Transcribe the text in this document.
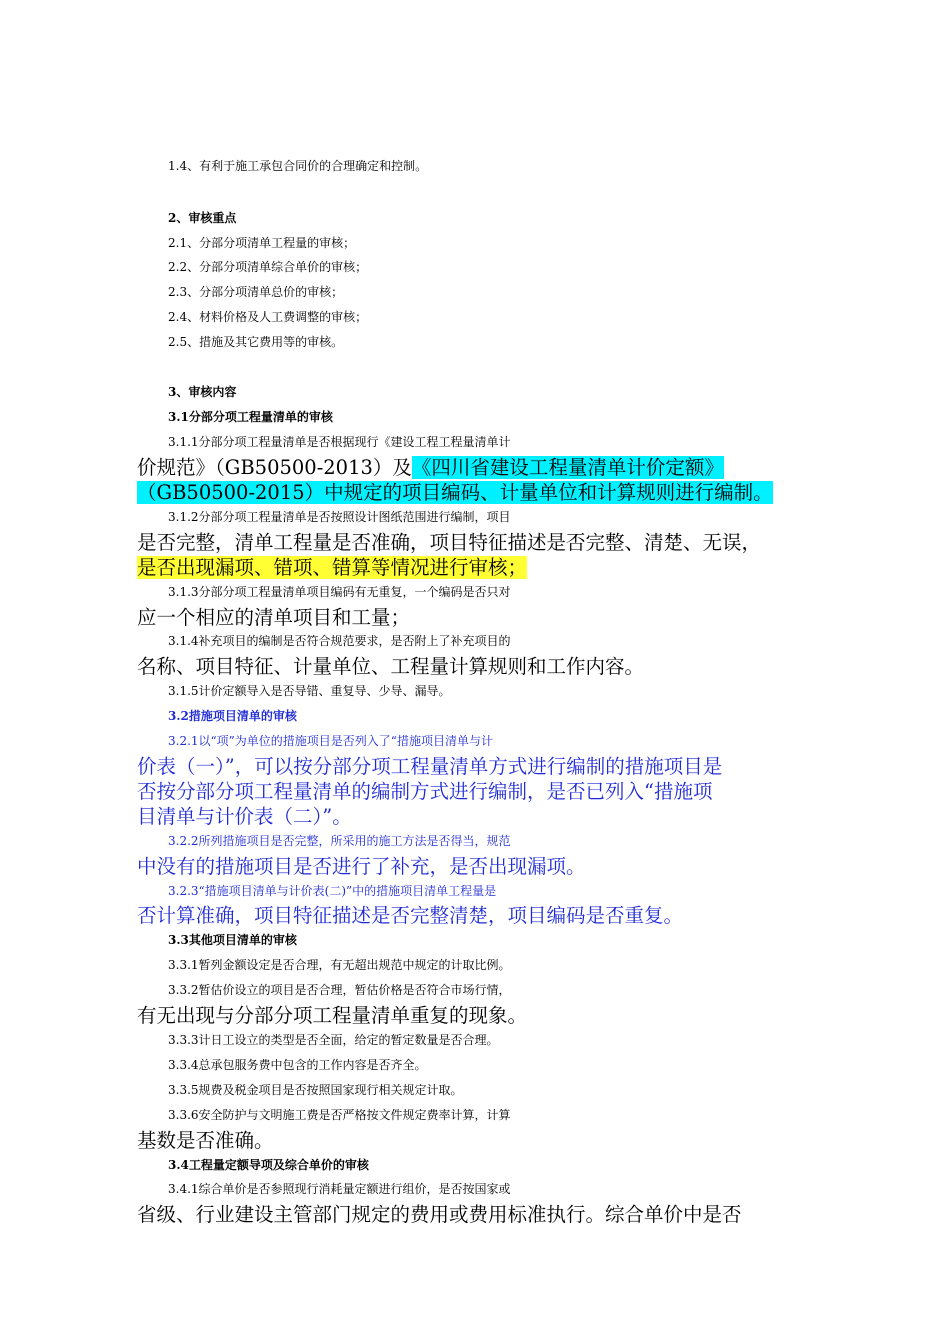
1.4、有利于施工承包合同价的合理确定和控制。
2、审核重点
2.1、分部分项清单工程量的审核；
2.2、分部分项清单综合单价的审核；
2.3、分部分项清单总价的审核；
2.4、材料价格及人工费调整的审核；
2.5、措施及其它费用等的审核。
3、审核内容
3.1分部分项工程量清单的审核
3.1.1分部分项工程量清单是否根据现行《建设工程工程量清单计
价规范》（GB50500-2013）及《四川省建设工程量清单计价定额》
（GB50500-2015）中规定的项目编码、计量单位和计算规则进行编制。
3.1.2分部分项工程量清单是否按照设计图纸范围进行编制，项目
是否完整，清单工程量是否准确，项目特征描述是否完整、清楚、无误，
是否出现漏项、错项、错算等情况进行审核；
3.1.3分部分项工程量清单项目编码有无重复，一个编码是否只对
应一个相应的清单项目和工量；
3.1.4补充项目的编制是否符合规范要求，是否附上了补充项目的
名称、项目特征、计量单位、工程量计算规则和工作内容。
3.1.5计价定额导入是否导错、重复导、少导、漏导。
3.2措施项目清单的审核
3.2.1以“项”为单位的措施项目是否列入了“措施项目清单与计
价表（一）”，可以按分部分项工程量清单方式进行编制的措施项目是
否按分部分项工程量清单的编制方式进行编制，是否已列入“措施项
目清单与计价表（二）”。
3.2.2所列措施项目是否完整，所采用的施工方法是否得当，规范
中没有的措施项目是否进行了补充，是否出现漏项。
3.2.3“措施项目清单与计价表(二)”中的措施项目清单工程量是
否计算准确，项目特征描述是否完整清楚，项目编码是否重复。
3.3其他项目清单的审核
3.3.1暂列金额设定是否合理，有无超出规范中规定的计取比例。
3.3.2暂估价设立的项目是否合理，暂估价格是否符合市场行情，
有无出现与分部分项工程量清单重复的现象。
3.3.3计日工设立的类型是否全面，给定的暂定数量是否合理。
3.3.4总承包服务费中包含的工作内容是否齐全。
3.3.5规费及税金项目是否按照国家现行相关规定计取。
3.3.6安全防护与文明施工费是否严格按文件规定费率计算，计算
基数是否准确。
3.4工程量定额导项及综合单价的审核
3.4.1综合单价是否参照现行消耗量定额进行组价，是否按国家或
省级、行业建设主管部门规定的费用或费用标准执行。综合单价中是否
